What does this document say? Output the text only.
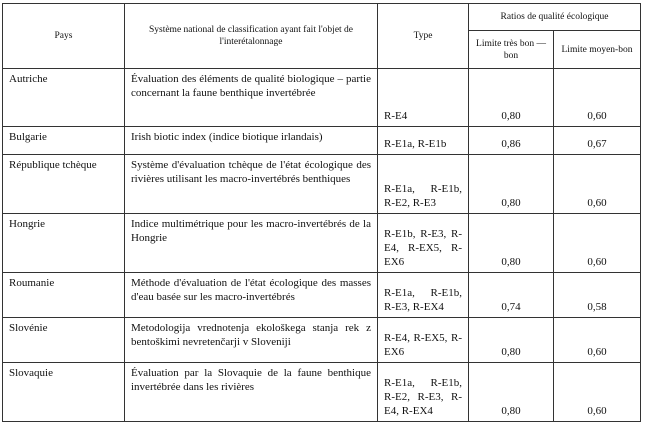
Pays	Système national de classification ayant fait l'objet de l'interétalonnage	Type	Ratios de qualité écologique	
			Limite très bon — bon	Limite moyen-bon
Autriche	Évaluation des éléments de qualité biologique – partie concernant la faune benthique invertébrée	R-E4	0,80	0,60
Bulgarie	Irish biotic index (indice biotique irlandais)	R-E1a, R-E1b	0,86	0,67
République tchèque	Système d'évaluation tchèque de l'état écologique des rivières utilisant les macro-invertébrés benthiques	R-E1a, R-E1b, R-E2, R-E3	0,80	0,60
Hongrie	Indice multimétrique pour les macro-invertébrés de la Hongrie	R-E1b, R-E3, R-E4, R-EX5, R-EX6	0,80	0,60
Roumanie	Méthode d'évaluation de l'état écologique des masses d'eau basée sur les macro-invertébrés	R-E1a, R-E1b, R-E3, R-EX4	0,74	0,58
Slovénie	Metodologija vrednotenja ekološkega stanja rek z bentoškimi nevretenčarji v Sloveniji	R-E4, R-EX5, R-EX6	0,80	0,60
Slovaquie	Évaluation par la Slovaquie de la faune benthique invertébrée dans les rivières	R-E1a, R-E1b, R-E2, R-E3, R-E4, R-EX4	0,80	0,60
